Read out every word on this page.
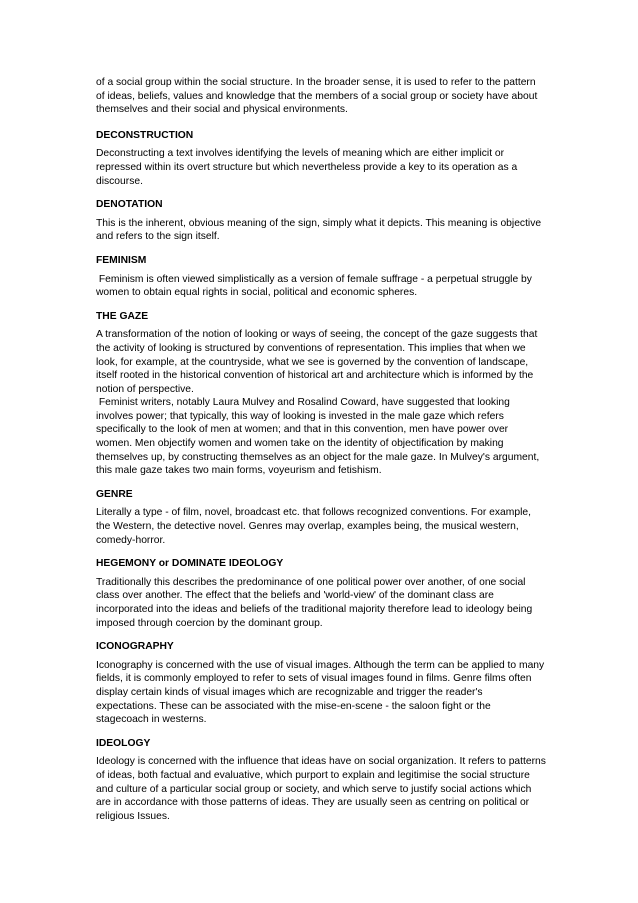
of a social group within the social structure. In the broader sense, it is used to refer to the pattern of ideas, beliefs, values and knowledge that the members of a social group or society have about themselves and their social and physical environments.

DECONSTRUCTION

Deconstructing a text involves identifying the levels of meaning which are either implicit or repressed within its overt structure but which nevertheless provide a key to its operation as a discourse.

DENOTATION

This is the inherent, obvious meaning of the sign, simply what it depicts. This meaning is objective and refers to the sign itself.

FEMINISM

Feminism is often viewed simplistically as a version of female suffrage - a perpetual struggle by women to obtain equal rights in social, political and economic spheres.

THE GAZE

A transformation of the notion of looking or ways of seeing, the concept of the gaze suggests that the activity of looking is structured by conventions of representation. This implies that when we look, for example, at the countryside, what we see is governed by the convention of landscape, itself rooted in the historical convention of historical art and architecture which is informed by the notion of perspective.

Feminist writers, notably Laura Mulvey and Rosalind Coward, have suggested that looking involves power; that typically, this way of looking is invested in the male gaze which refers specifically to the look of men at women; and that in this convention, men have power over women. Men objectify women and women take on the identity of objectification by making themselves up, by constructing themselves as an object for the male gaze. In Mulvey's argument, this male gaze takes two main forms, voyeurism and fetishism.

GENRE

Literally a type - of film, novel, broadcast etc. that follows recognized conventions. For example, the Western, the detective novel. Genres may overlap, examples being, the musical western, comedy-horror.

HEGEMONY or DOMINATE IDEOLOGY

Traditionally this describes the predominance of one political power over another, of one social class over another. The effect that the beliefs and 'world-view' of the dominant class are incorporated into the ideas and beliefs of the traditional majority therefore lead to ideology being imposed through coercion by the dominant group.

ICONOGRAPHY

Iconography is concerned with the use of visual images. Although the term can be applied to many fields, it is commonly employed to refer to sets of visual images found in films. Genre films often display certain kinds of visual images which are recognizable and trigger the reader's expectations. These can be associated with the mise-en-scene - the saloon fight or the stagecoach in westerns.

IDEOLOGY

Ideology is concerned with the influence that ideas have on social organization. It refers to patterns of ideas, both factual and evaluative, which purport to explain and legitimise the social structure and culture of a particular social group or society, and which serve to justify social actions which are in accordance with those patterns of ideas. They are usually seen as centring on political or religious Issues.
